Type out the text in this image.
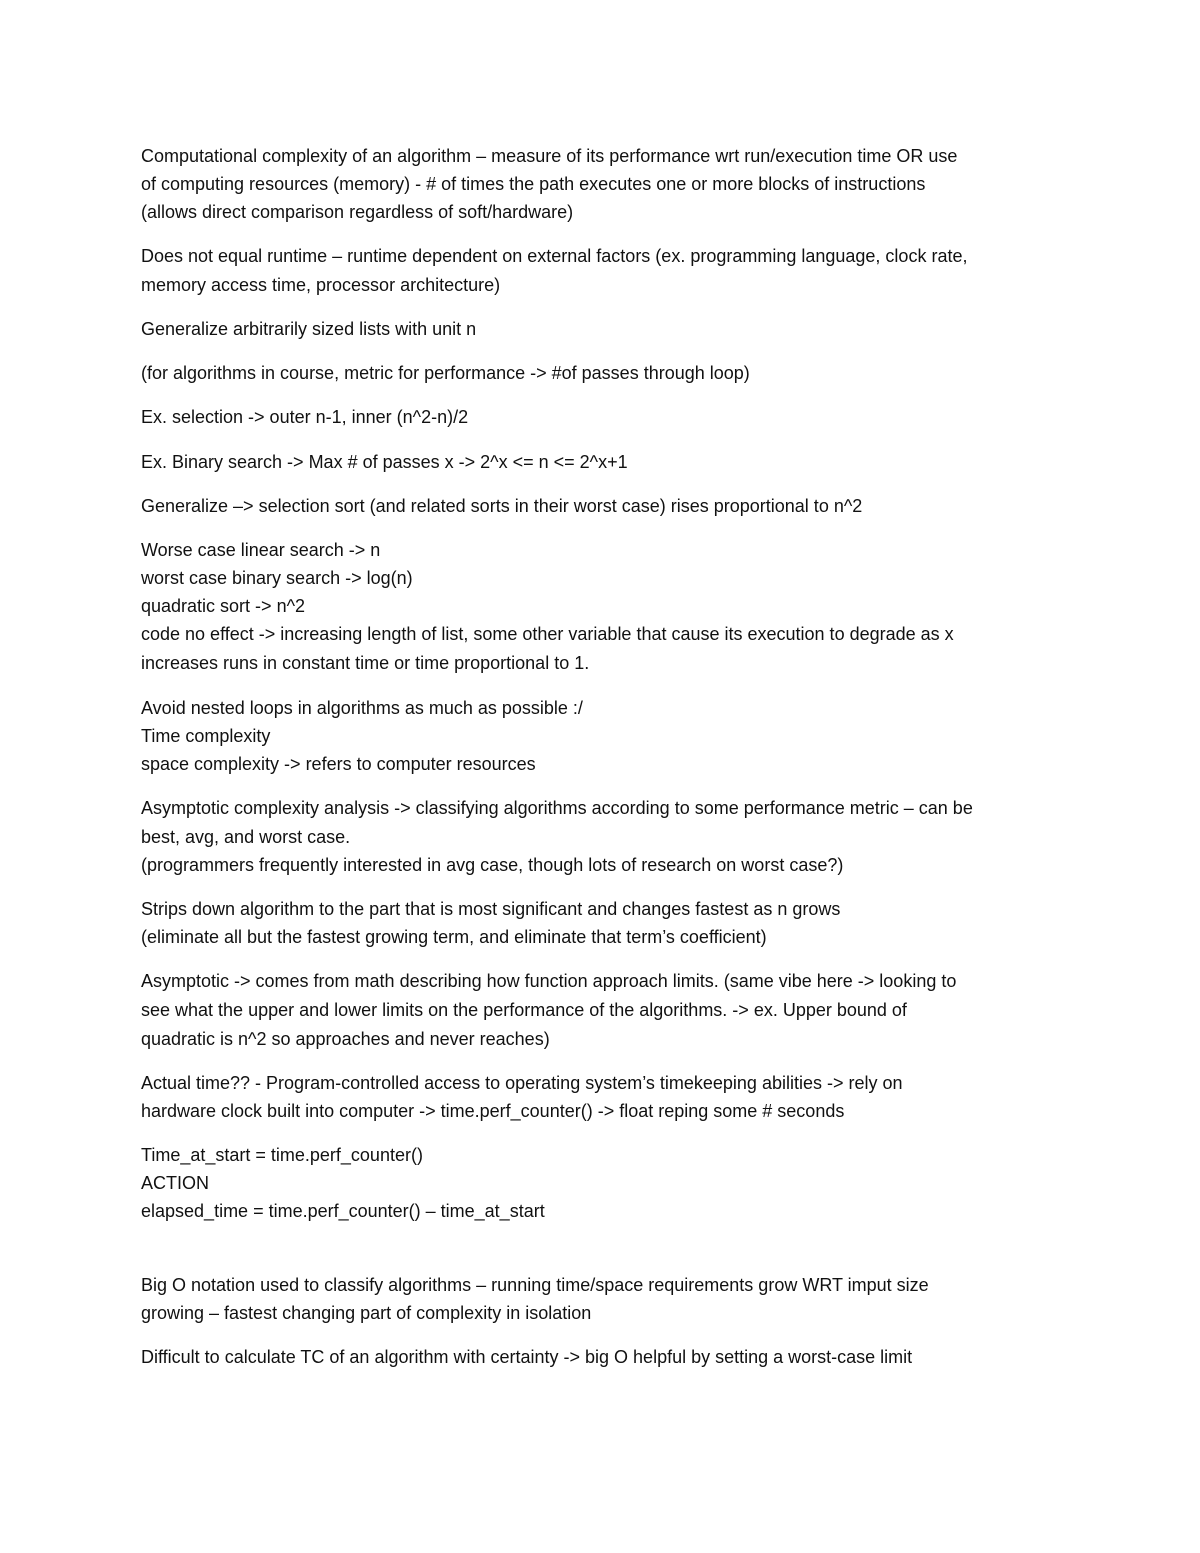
Computational complexity of an algorithm – measure of its performance wrt run/execution time OR use
of computing resources (memory) - # of times the path executes one or more blocks of instructions
(allows direct comparison regardless of soft/hardware)
Does not equal runtime – runtime dependent on external factors (ex. programming language, clock rate,
memory access time, processor architecture)
Generalize arbitrarily sized lists with unit n
(for algorithms in course, metric for performance -> #of passes through loop)
Ex. selection -> outer n-1, inner (n^2-n)/2
Ex. Binary search -> Max # of passes x -> 2^x <= n <= 2^x+1
Generalize –> selection sort (and related sorts in their worst case) rises proportional to n^2
Worse case linear search -> n
worst case binary search -> log(n)
quadratic sort -> n^2
code no effect -> increasing length of list, some other variable that cause its execution to degrade as x
increases runs in constant time or time proportional to 1.
Avoid nested loops in algorithms as much as possible :/
Time complexity
space complexity -> refers to computer resources
Asymptotic complexity analysis -> classifying algorithms according to some performance metric – can be
best, avg, and worst case.
(programmers frequently interested in avg case, though lots of research on worst case?)
Strips down algorithm to the part that is most significant and changes fastest as n grows
(eliminate all but the fastest growing term, and eliminate that term’s coefficient)
Asymptotic -> comes from math describing how function approach limits. (same vibe here -> looking to
see what the upper and lower limits on the performance of the algorithms. -> ex. Upper bound of
quadratic is n^2 so approaches and never reaches)
Actual time?? - Program-controlled access to operating system’s timekeeping abilities -> rely on
hardware clock built into computer -> time.perf_counter() -> float reping some # seconds
Time_at_start = time.perf_counter()
ACTION
elapsed_time = time.perf_counter() – time_at_start
Big O notation used to classify algorithms – running time/space requirements grow WRT imput size
growing – fastest changing part of complexity in isolation
Difficult to calculate TC of an algorithm with certainty -> big O helpful by setting a worst-case limit
